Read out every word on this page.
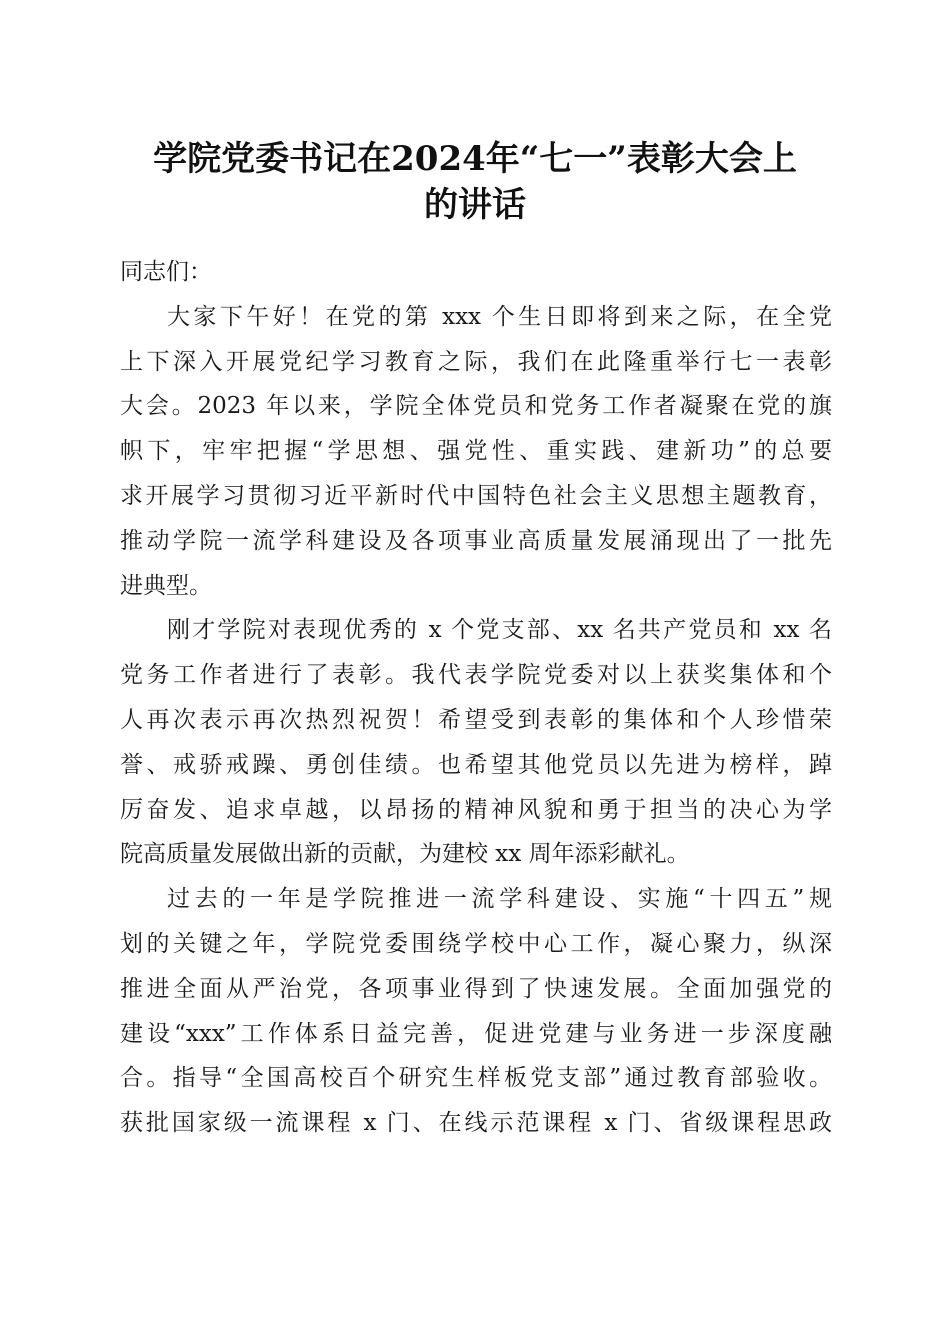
学院党委书记在2024年“七一”表彰大会上
的讲话
同志们：
大家下午好！在党的第 xxx 个生日即将到来之际，在全党
上下深入开展党纪学习教育之际，我们在此隆重举行七一表彰
大会。2023 年以来，学院全体党员和党务工作者凝聚在党的旗
帜下，牢牢把握“学思想、强党性、重实践、建新功”的总要
求开展学习贯彻习近平新时代中国特色社会主义思想主题教育，
推动学院一流学科建设及各项事业高质量发展涌现出了一批先
进典型。
刚才学院对表现优秀的 x 个党支部、xx 名共产党员和 xx 名
党务工作者进行了表彰。我代表学院党委对以上获奖集体和个
人再次表示再次热烈祝贺！希望受到表彰的集体和个人珍惜荣
誉、戒骄戒躁、勇创佳绩。也希望其他党员以先进为榜样，踔
厉奋发、追求卓越，以昂扬的精神风貌和勇于担当的决心为学
院高质量发展做出新的贡献，为建校 xx 周年添彩献礼。
过去的一年是学院推进一流学科建设、实施“十四五”规
划的关键之年，学院党委围绕学校中心工作，凝心聚力，纵深
推进全面从严治党，各项事业得到了快速发展。全面加强党的
建设“xxx”工作体系日益完善，促进党建与业务进一步深度融
合。指导“全国高校百个研究生样板党支部”通过教育部验收。
获批国家级一流课程 x 门、在线示范课程 x 门、省级课程思政
